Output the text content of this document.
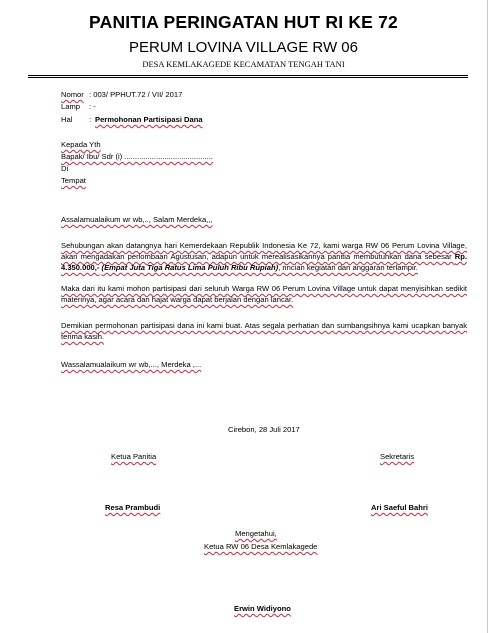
PANITIA PERINGATAN HUT RI KE 72
PERUM LOVINA VILLAGE RW 06
DESA KEMLAKAGEDE KECAMATAN TENGAH TANI
Nomor : 003/ PPHUT.72 / VII/ 2017
Lamp : -
Hal : Permohonan Partisipasi Dana
Kepada Yth
Bapak/ Ibu/ Sdr (i) ..........................................
Di
Tempat
Assalamualaikum wr wb,.., Salam Merdeka,,,
Sehubungan akan datangnya hari Kemerdekaan Republik Indonesia Ke 72, kami warga RW 06 Perum Lovina Village, akan mengadakan perlombaan Agustusan, adapun untuk merealisasikannya panitia membutuhkan dana sebesar Rp. 4.350.000,- (Empat Juta Tiga Ratus Lima Puluh Ribu Rupiah), rincian kegiatan dan anggaran terlampir.
Maka dari itu kami mohon partisipasi dari seluruh Warga RW 06 Perum Lovina Village untuk dapat menyisihkan sedikit materinya, agar acara dan hajat warga dapat berjalan dengan lancar.
Demikian permohonan partisipasi dana ini kami buat. Atas segala perhatian dan sumbangsihnya kami ucapkan banyak terima kasih.
Wassalamualaikum wr wb,..., Merdeka ,...
Cirebon, 28 Juli 2017
Ketua Panitia	Sekretaris
Resa Prambudi	Ari Saeful Bahri
Mengetahui,
Ketua RW 06 Desa Kemlakagede
Erwin Widiyono
